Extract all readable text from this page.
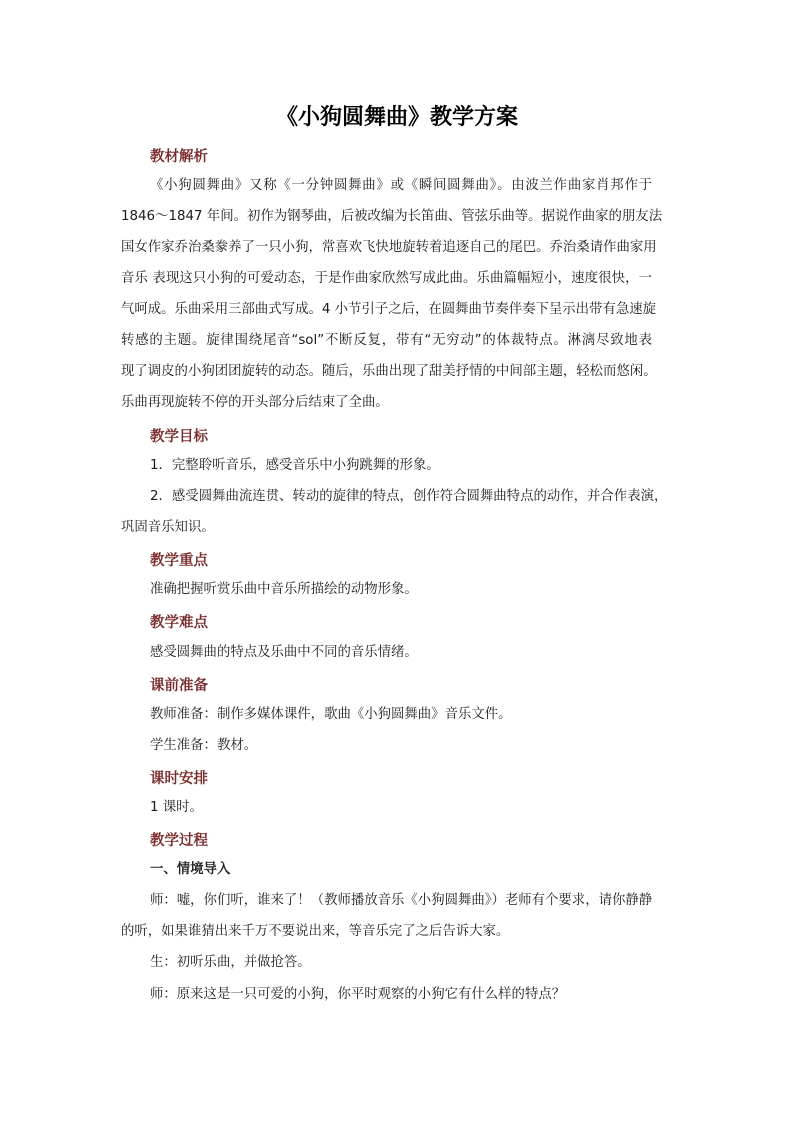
《小狗圆舞曲》教学方案
教材解析
《小狗圆舞曲》又称《一分钟圆舞曲》或《瞬间圆舞曲》。由波兰作曲家肖邦作于
1846～1847 年间。初作为钢琴曲，后被改编为长笛曲、管弦乐曲等。据说作曲家的朋友法
国女作家乔治桑豢养了一只小狗，常喜欢飞快地旋转着追逐自己的尾巴。乔治桑请作曲家用
音乐 表现这只小狗的可爱动态，于是作曲家欣然写成此曲。乐曲篇幅短小，速度很快，一
气呵成。乐曲采用三部曲式写成。4 小节引子之后，在圆舞曲节奏伴奏下呈示出带有急速旋
转感的主题。旋律围绕尾音“sol”不断反复，带有“无穷动”的体裁特点。淋漓尽致地表
现了调皮的小狗团团旋转的动态。随后，乐曲出现了甜美抒情的中间部主题，轻松而悠闲。
乐曲再现旋转不停的开头部分后结束了全曲。
教学目标
1．完整聆听音乐，感受音乐中小狗跳舞的形象。
2．感受圆舞曲流连贯、转动的旋律的特点，创作符合圆舞曲特点的动作，并合作表演，
巩固音乐知识。
教学重点
准确把握听赏乐曲中音乐所描绘的动物形象。
教学难点
感受圆舞曲的特点及乐曲中不同的音乐情绪。
课前准备
教师准备：制作多媒体课件，歌曲《小狗圆舞曲》音乐文件。
学生准备：教材。
课时安排
1 课时。
教学过程
一、情境导入
师：嘘，你们听，谁来了！（教师播放音乐《小狗圆舞曲》）老师有个要求，请你静静
的听，如果谁猜出来千万不要说出来，等音乐完了之后告诉大家。
生：初听乐曲，并做抢答。
师：原来这是一只可爱的小狗，你平时观察的小狗它有什么样的特点？
